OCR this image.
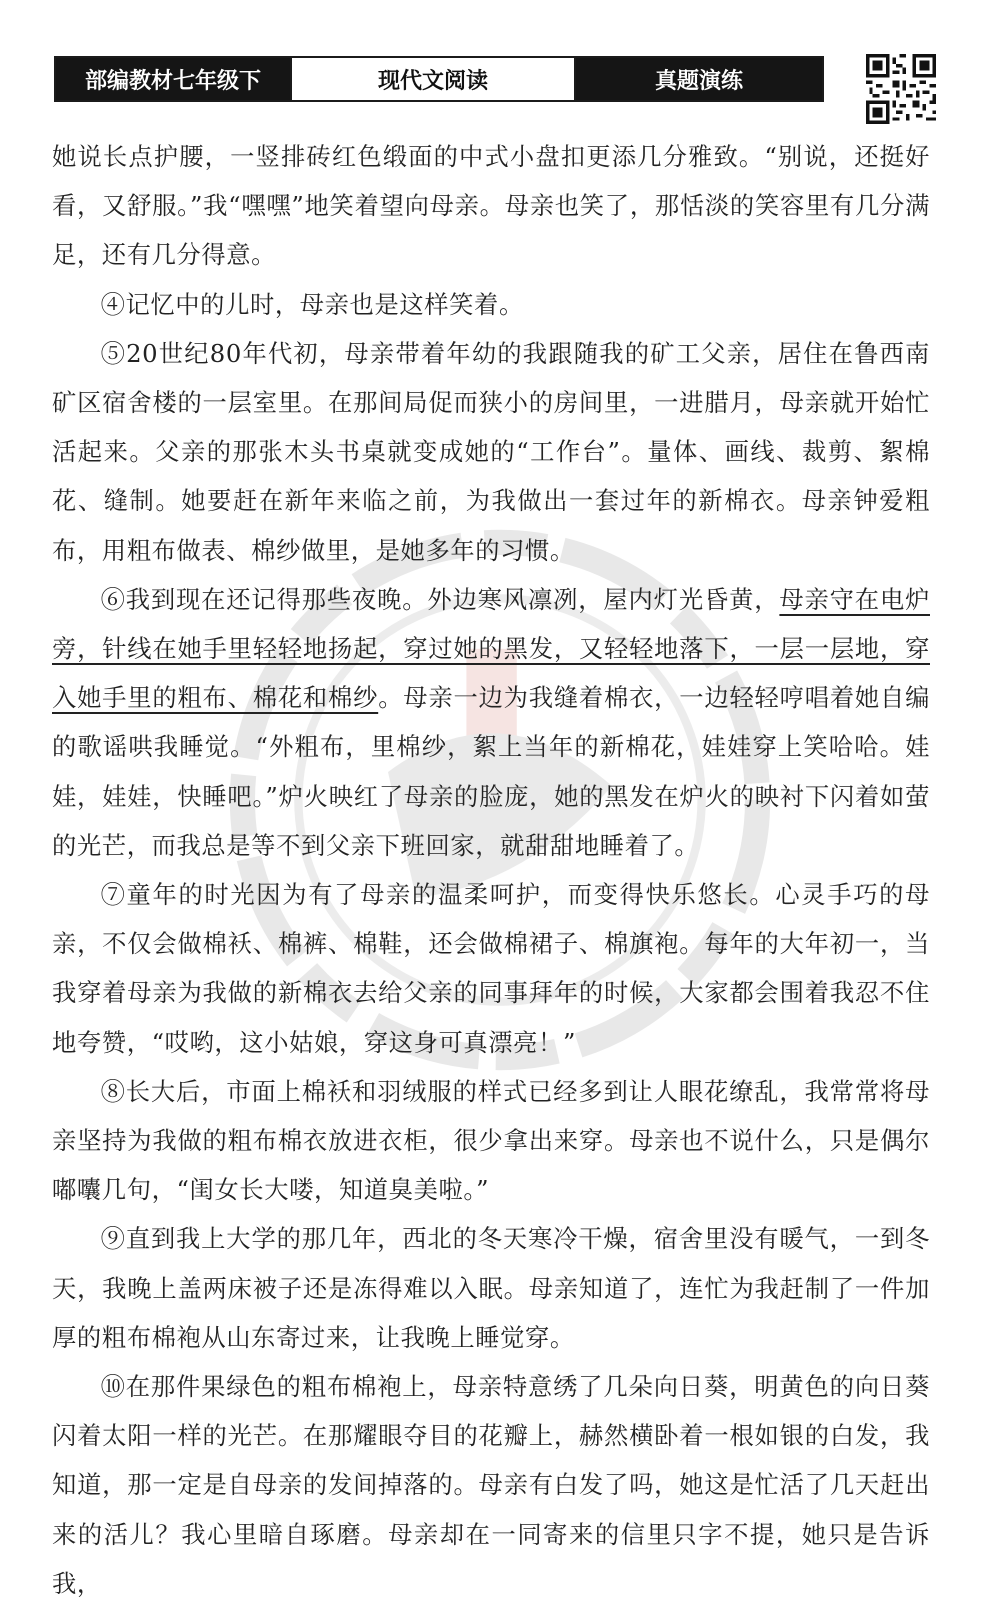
部编教材七年级下	现代文阅读	真题演练

她说长点护腰，一竖排砖红色缎面的中式小盘扣更添几分雅致。“别说，还挺好看，又舒服。”我“嘿嘿”地笑着望向母亲。母亲也笑了，那恬淡的笑容里有几分满足，还有几分得意。

④记忆中的儿时，母亲也是这样笑着。

⑤20世纪80年代初，母亲带着年幼的我跟随我的矿工父亲，居住在鲁西南矿区宿舍楼的一层室里。在那间局促而狭小的房间里，一进腊月，母亲就开始忙活起来。父亲的那张木头书桌就变成她的“工作台”。量体、画线、裁剪、絮棉花、缝制。她要赶在新年来临之前，为我做出一套过年的新棉衣。母亲钟爱粗布，用粗布做表、棉纱做里，是她多年的习惯。

⑥我到现在还记得那些夜晚。外边寒风凛冽，屋内灯光昏黄，母亲守在电炉旁，针线在她手里轻轻地扬起，穿过她的黑发，又轻轻地落下，一层一层地，穿入她手里的粗布、棉花和棉纱。母亲一边为我缝着棉衣，一边轻轻哼唱着她自编的歌谣哄我睡觉。“外粗布，里棉纱，絮上当年的新棉花，娃娃穿上笑哈哈。娃娃，娃娃，快睡吧。”炉火映红了母亲的脸庞，她的黑发在炉火的映衬下闪着如萤的光芒，而我总是等不到父亲下班回家，就甜甜地睡着了。

⑦童年的时光因为有了母亲的温柔呵护，而变得快乐悠长。心灵手巧的母亲，不仅会做棉袄、棉裤、棉鞋，还会做棉裙子、棉旗袍。每年的大年初一，当我穿着母亲为我做的新棉衣去给父亲的同事拜年的时候，大家都会围着我忍不住地夸赞，“哎哟，这小姑娘，穿这身可真漂亮！”

⑧长大后，市面上棉袄和羽绒服的样式已经多到让人眼花缭乱，我常常将母亲坚持为我做的粗布棉衣放进衣柜，很少拿出来穿。母亲也不说什么，只是偶尔嘟囔几句，“闺女长大喽，知道臭美啦。”

⑨直到我上大学的那几年，西北的冬天寒冷干燥，宿舍里没有暖气，一到冬天，我晚上盖两床被子还是冻得难以入眠。母亲知道了，连忙为我赶制了一件加厚的粗布棉袍从山东寄过来，让我晚上睡觉穿。

⑩在那件果绿色的粗布棉袍上，母亲特意绣了几朵向日葵，明黄色的向日葵闪着太阳一样的光芒。在那耀眼夺目的花瓣上，赫然横卧着一根如银的白发，我知道，那一定是自母亲的发间掉落的。母亲有白发了吗，她这是忙活了几天赶出来的活儿？我心里暗自琢磨。母亲却在一同寄来的信里只字不提，她只是告诉我，
